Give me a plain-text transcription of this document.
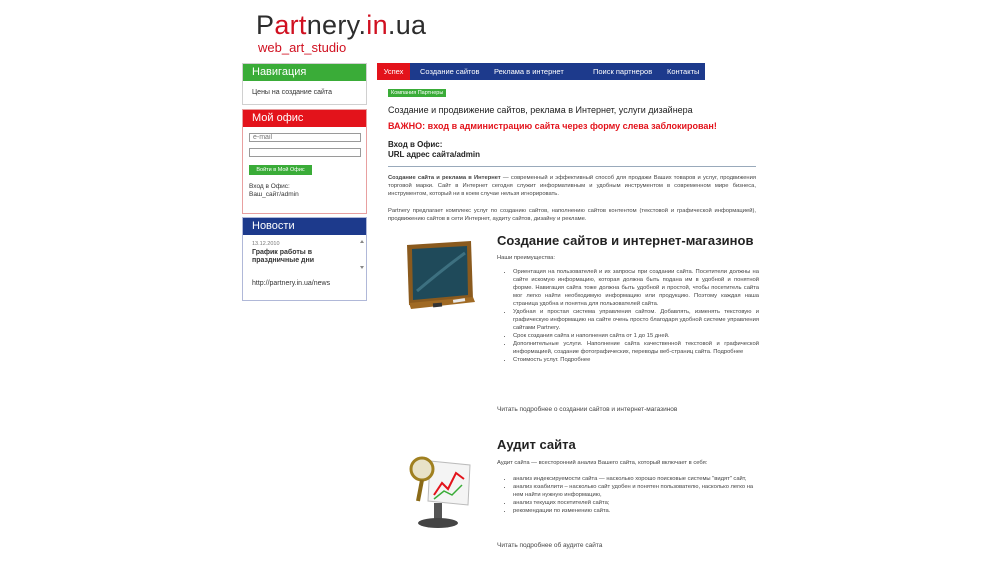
Partnery.in.ua
web_art_studio
Навигация
Цены на создание сайта
Мой офис
e-mail
Войти в Мой Офис
Вход в Офис:
Ваш_сайт/admin
Новости
13.12.2010
График работы в праздничные дни
http://partnery.in.ua/news
Успех	Создание сайтов Реклама в интернет	Поиск партнеров Контакты
Компания Партнеры
Создание и продвижение сайтов, реклама в Интернет, услуги дизайнера
ВАЖНО: вход в администрацию сайта через форму слева заблокирован!
Вход в Офис:
URL адрес сайта/admin
Создание сайта и реклама в Интернет — современный и эффективный способ для продажи Ваших товаров и услуг, продвижения торговой марки. Сайт в Интернет сегодня служит информативным и удобным инструментом в современном мире бизнеса, инструментом, который ни в коем случае нельзя игнорировать.
Partnery предлагает комплекс услуг по созданию сайтов, наполнению сайтов контентом (текстовой и графической информацией), продвижению сайтов в сети Интернет, аудиту сайтов, дизайну и рекламе.
Создание сайтов и интернет-магазинов
Наши преимущества:
• Ориентация на пользователей и их запросы при создании сайта. Посетители должны на сайте искомую информацию, которая должна быть подана им в удобной и понятной форме. Навигация сайта тоже должна быть удобной и простой, чтобы посетитель сайта мог легко найти необходимую информацию или продукцию. Поэтому каждая наша страница удобна и понятна для пользователей сайта.
• Удобная и простая система управления сайтом. Добавлять, изменять текстовую и графическую информацию на сайте очень просто благодаря удобной системе управления сайтами Partnery.
• Срок создания сайта и наполнения сайта от 1 до 15 дней.
• Дополнительные услуги. Наполнение сайта качественной текстовой и графической информацией, создание фотографических, переводы веб-страниц сайта. Подробнее
• Стоимость услуг. Подробнее
Читать подробнее о создании сайтов и интернет-магазинов
Аудит сайта
Аудит сайта — всесторонний анализ Вашего сайта, который включает в себя:
• анализ индексируемости сайта — насколько хорошо поисковые системы "видят" сайт,
• анализ юзабилити – насколько сайт удобен и понятен пользователю, насколько легко на нем найти нужную информацию,
• анализ текущих посетителей сайта;
• рекомендации по изменению сайта.
Читать подробнее об аудите сайта
